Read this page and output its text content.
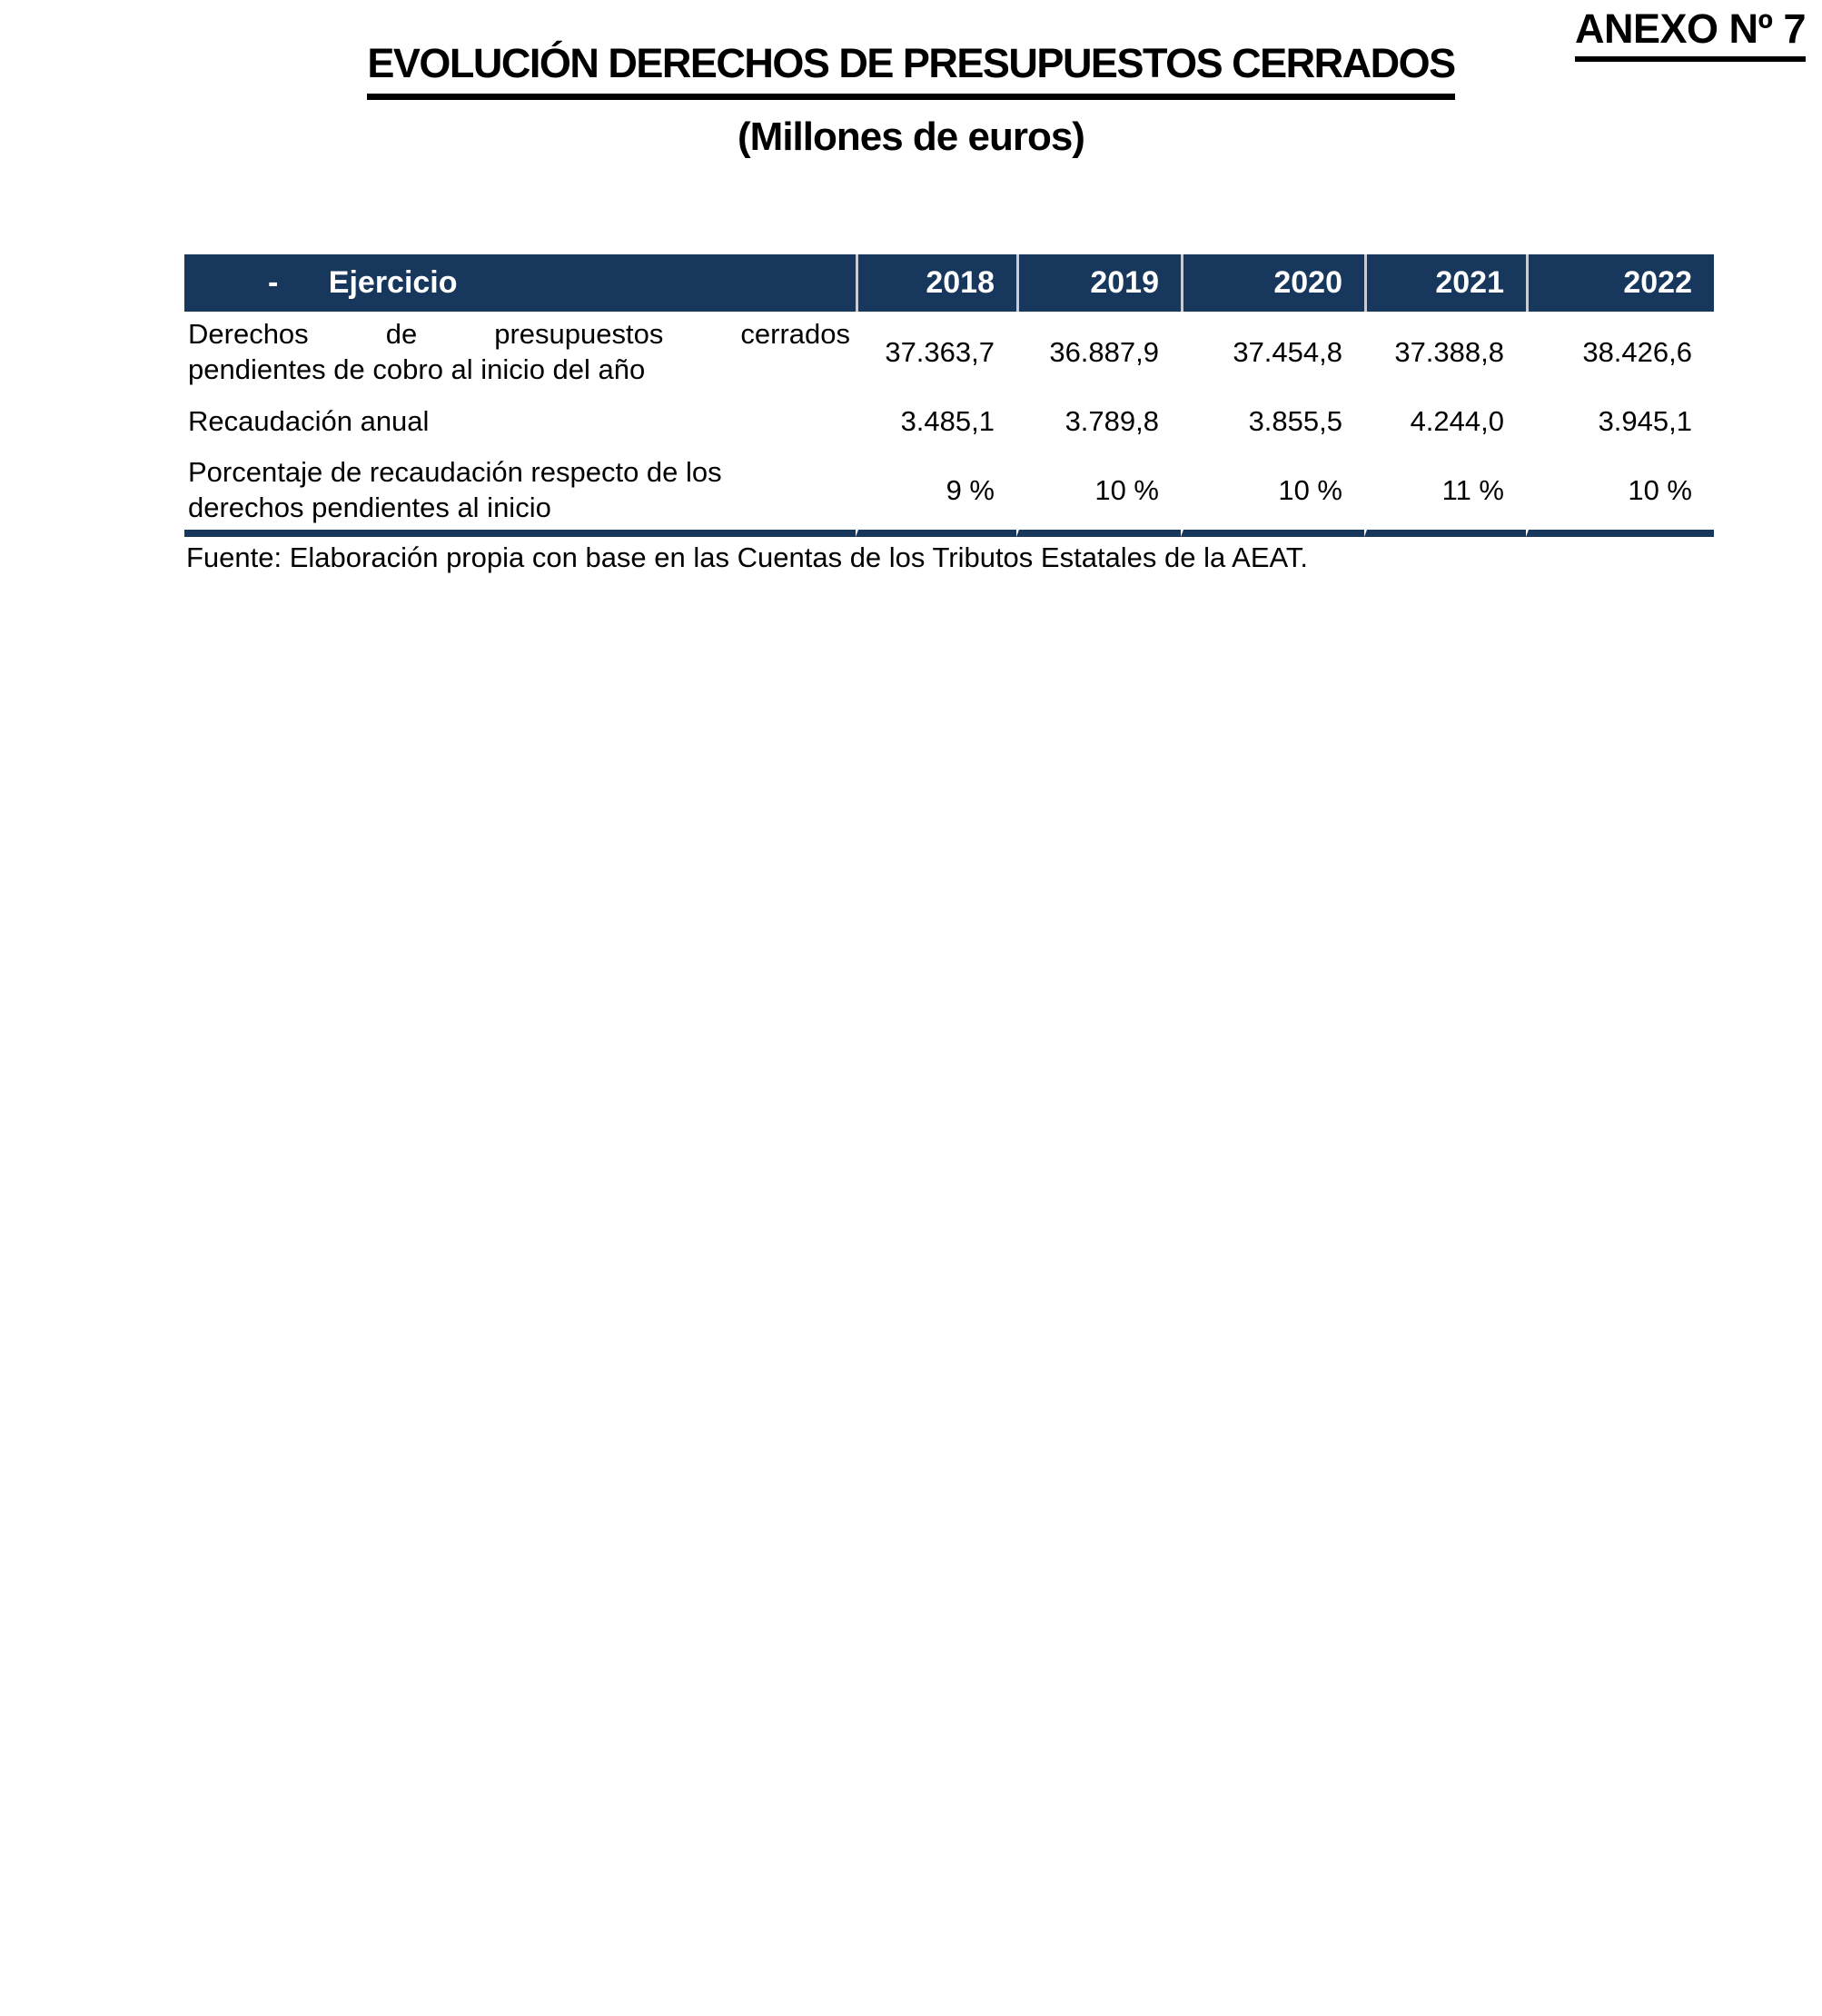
ANEXO Nº 7
EVOLUCIÓN DERECHOS DE PRESUPUESTOS CERRADOS
(Millones de euros)
- Ejercicio	2018	2019	2020	2021	2022

Derechos de presupuestos cerrados
pendientes de cobro al inicio del año	37.363,7	36.887,9	37.454,8	37.388,8	38.426,6

Recaudación anual	3.485,1	3.789,8	3.855,5	4.244,0	3.945,1

Porcentaje de recaudación respecto de los
derechos pendientes al inicio	9 %	10 %	10 %	11 %	10 %
Fuente: Elaboración propia con base en las Cuentas de los Tributos Estatales de la AEAT.
